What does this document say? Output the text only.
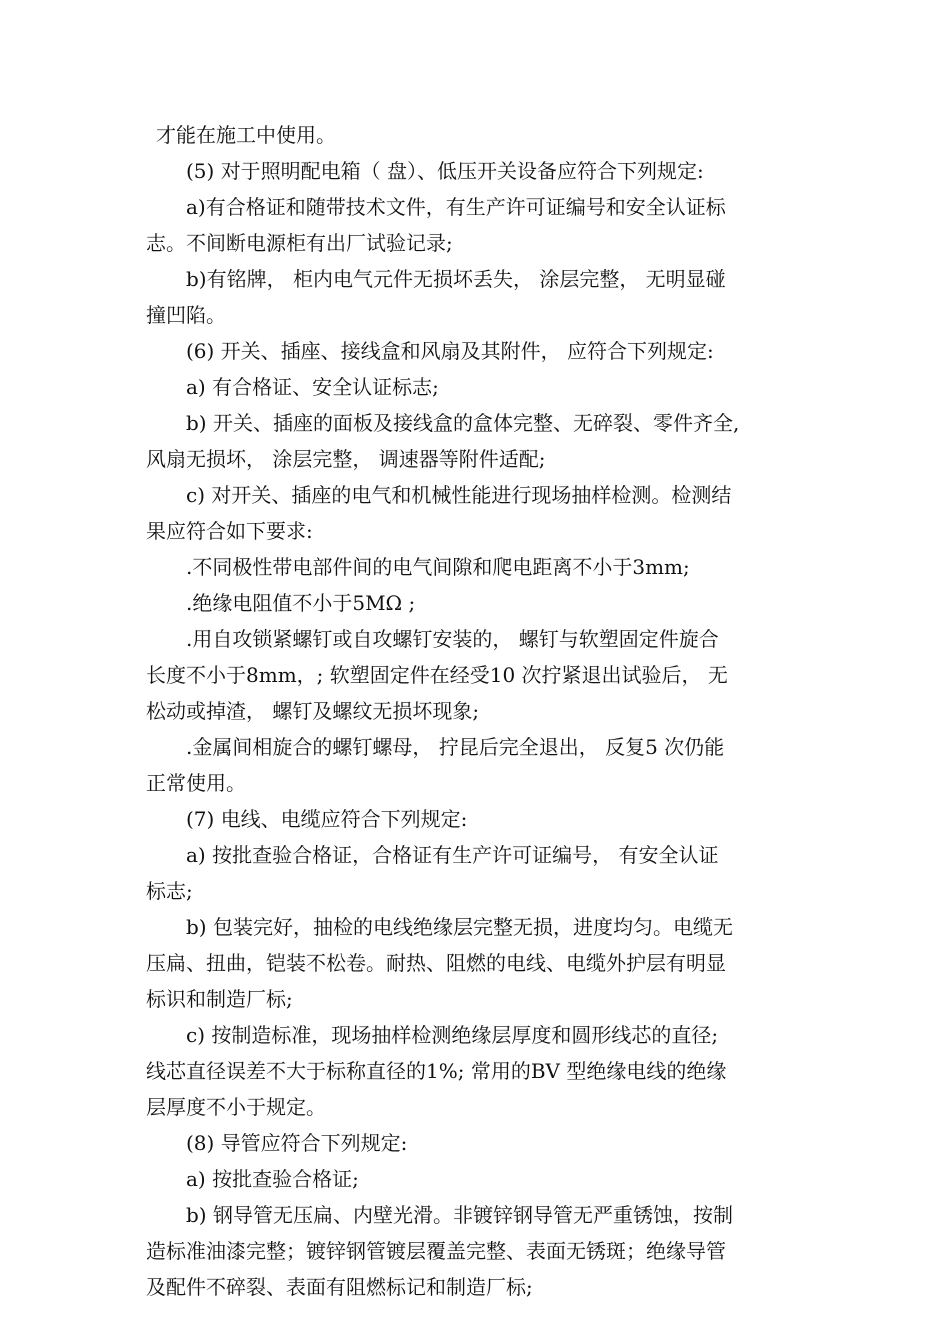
才能在施工中使用。
(5) 对于照明配电箱（ 盘）、低压开关设备应符合下列规定:
a)有合格证和随带技术文件，有生产许可证编号和安全认证标
志。不间断电源柜有出厂试验记录;
b)有铭牌， 柜内电气元件无损坏丢失， 涂层完整， 无明显碰
撞凹陷。
(6) 开关、插座、接线盒和风扇及其附件， 应符合下列规定:
a) 有合格证、安全认证标志;
b) 开关、插座的面板及接线盒的盒体完整、无碎裂、零件齐全,
风扇无损坏， 涂层完整， 调速器等附件适配;
c) 对开关、插座的电气和机械性能进行现场抽样检测。检测结
果应符合如下要求:
.不同极性带电部件间的电气间隙和爬电距离不小于3mm;
.绝缘电阻值不小于5MΩ ;
.用自攻锁紧螺钉或自攻螺钉安装的， 螺钉与软塑固定件旋合
长度不小于8mm，; 软塑固定件在经受10 次拧紧退出试验后， 无
松动或掉渣， 螺钉及螺纹无损坏现象;
.金属间相旋合的螺钉螺母， 拧昆后完全退出， 反复5 次仍能
正常使用。
(7) 电线、电缆应符合下列规定:
a) 按批查验合格证，合格证有生产许可证编号， 有安全认证
标志;
b) 包装完好，抽检的电线绝缘层完整无损，进度均匀。电缆无
压扁、扭曲，铠装不松卷。耐热、阻燃的电线、电缆外护层有明显
标识和制造厂标;
c) 按制造标准，现场抽样检测绝缘层厚度和圆形线芯的直径;
线芯直径误差不大于标称直径的1%; 常用的BV 型绝缘电线的绝缘
层厚度不小于规定。
(8) 导管应符合下列规定:
a) 按批查验合格证;
b) 钢导管无压扁、内壁光滑。非镀锌钢导管无严重锈蚀，按制
造标准油漆完整；镀锌钢管镀层覆盖完整、表面无锈斑；绝缘导管
及配件不碎裂、表面有阻燃标记和制造厂标;
